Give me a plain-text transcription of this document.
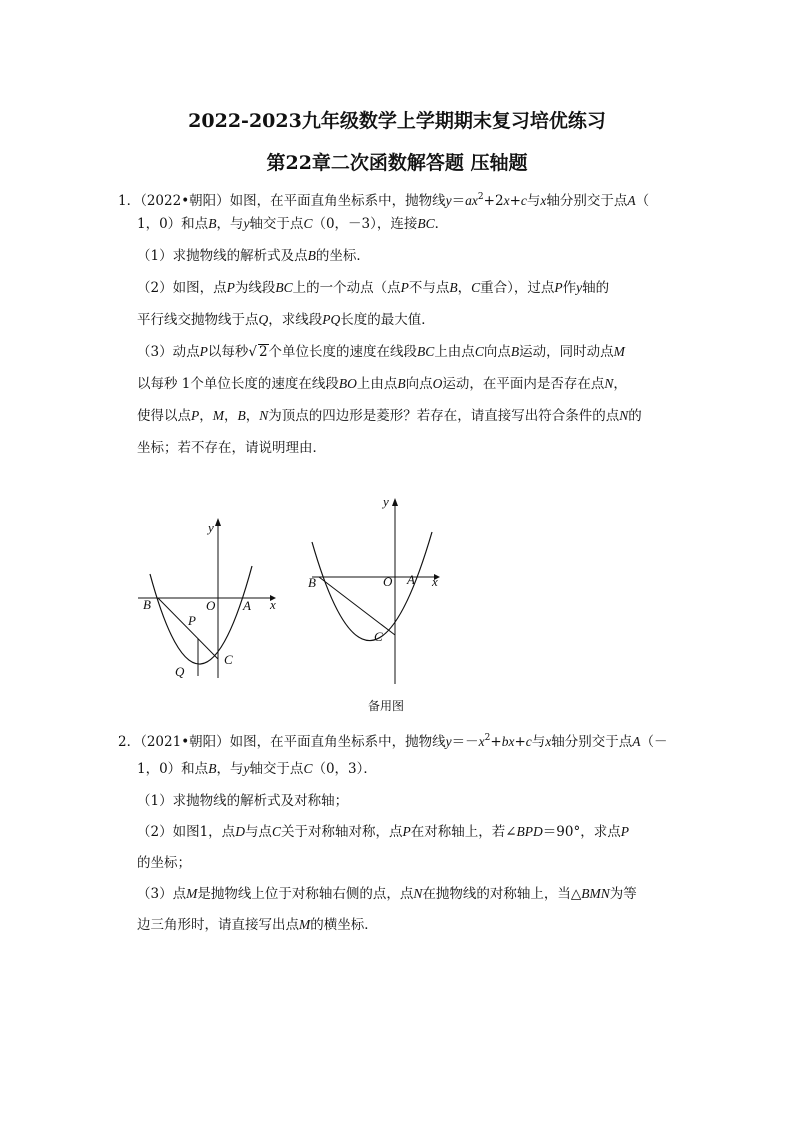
2022-2023九年级数学上学期期末复习培优练习
第22章二次函数解答题 压轴题
1．（2022•朝阳）如图，在平面直角坐标系中，抛物线$y=ax^2+2x+c$与x轴分别交于点A（
1，0）和点B，与y轴交于点C（0，－3），连接BC．
（1）求抛物线的解析式及点B的坐标．
（2）如图，点P为线段BC上的一个动点（点P不与点B，C重合），过点P作y轴的
平行线交抛物线于点Q，求线段PQ长度的最大值．
（3）动点P以每秒√ 2个单位长度的速度在线段BC上由点C向点B运动，同时动点M
以每秒 1个单位长度的速度在线段BO上由点B向点O运动，在平面内是否存在点N，
使得以点P，M，B，N为顶点的四边形是菱形？若存在，请直接写出符合条件的点N的
坐标；若不存在，请说明理由．
y
x
B	O A
P
Q
C
y
x
B	O A
C
备用图
2．（2021•朝阳）如图，在平面直角坐标系中，抛物线$y=-x^2+bx+c$与x轴分别交于点A（－
1，0）和点B，与y轴交于点C（0，3）．
（1）求抛物线的解析式及对称轴；
（2）如图1，点D与点C关于对称轴对称，点P在对称轴上，若∠BPD＝90°，求点P
的坐标；
（3）点M是抛物线上位于对称轴右侧的点，点N在抛物线的对称轴上，当△BMN为等
边三角形时，请直接写出点M的横坐标．
